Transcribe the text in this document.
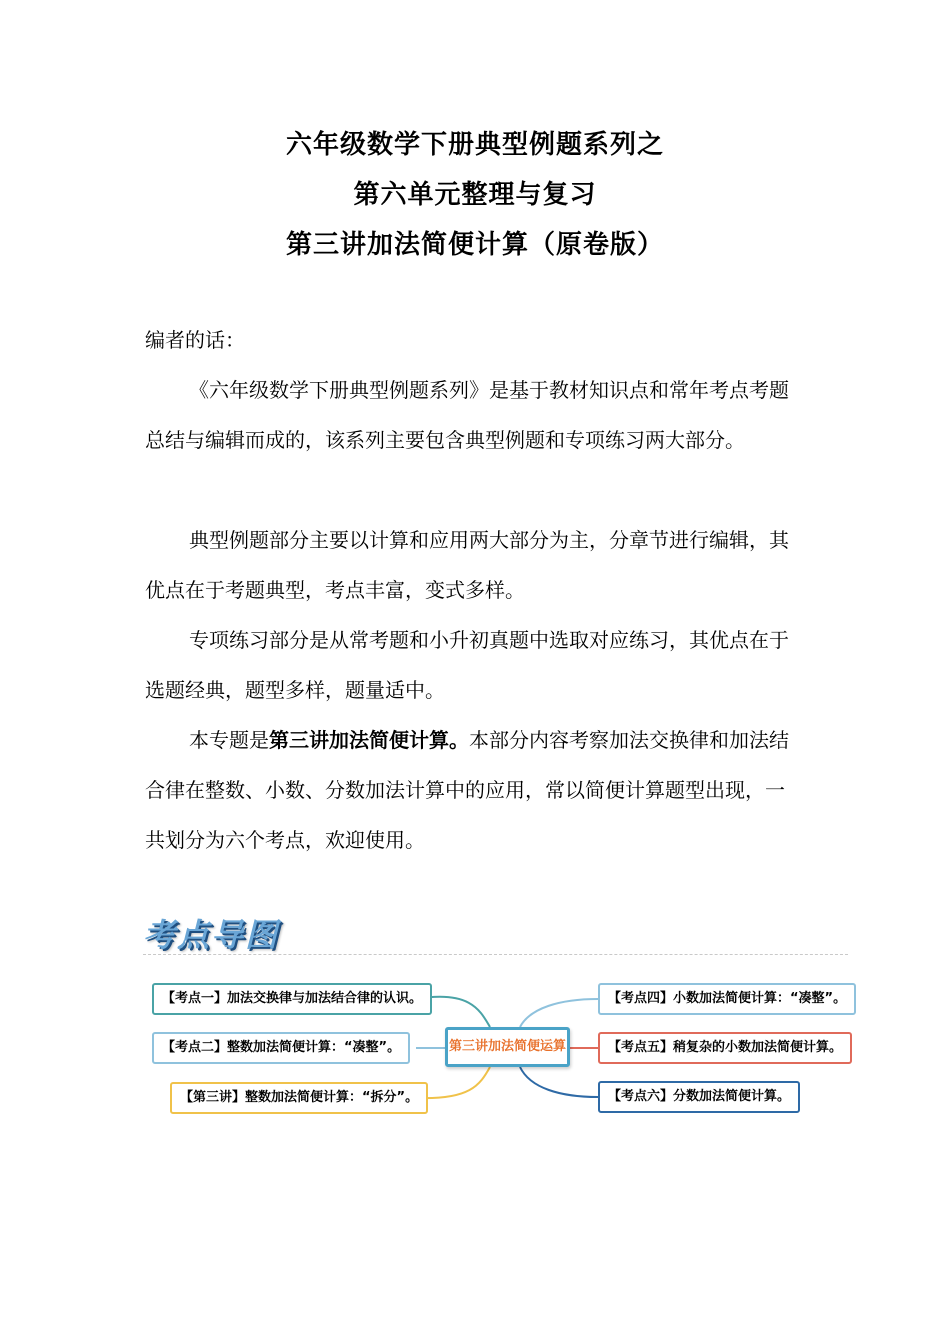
六年级数学下册典型例题系列之
第六单元整理与复习
第三讲加法简便计算（原卷版）
编者的话：
《六年级数学下册典型例题系列》是基于教材知识点和常年考点考题总结与编辑而成的，该系列主要包含典型例题和专项练习两大部分。
典型例题部分主要以计算和应用两大部分为主，分章节进行编辑，其优点在于考题典型，考点丰富，变式多样。
专项练习部分是从常考题和小升初真题中选取对应练习，其优点在于选题经典，题型多样，题量适中。
本专题是第三讲加法简便计算。本部分内容考察加法交换律和加法结合律在整数、小数、分数加法计算中的应用，常以简便计算题型出现，一共划分为六个考点，欢迎使用。
考点导图
【考点一】加法交换律与加法结合律的认识。
【考点二】整数加法简便计算：“凑整”。
【第三讲】整数加法简便计算：“拆分”。
第三讲加法简便运算
【考点四】小数加法简便计算：“凑整”。
【考点五】稍复杂的小数加法简便计算。
【考点六】分数加法简便计算。
